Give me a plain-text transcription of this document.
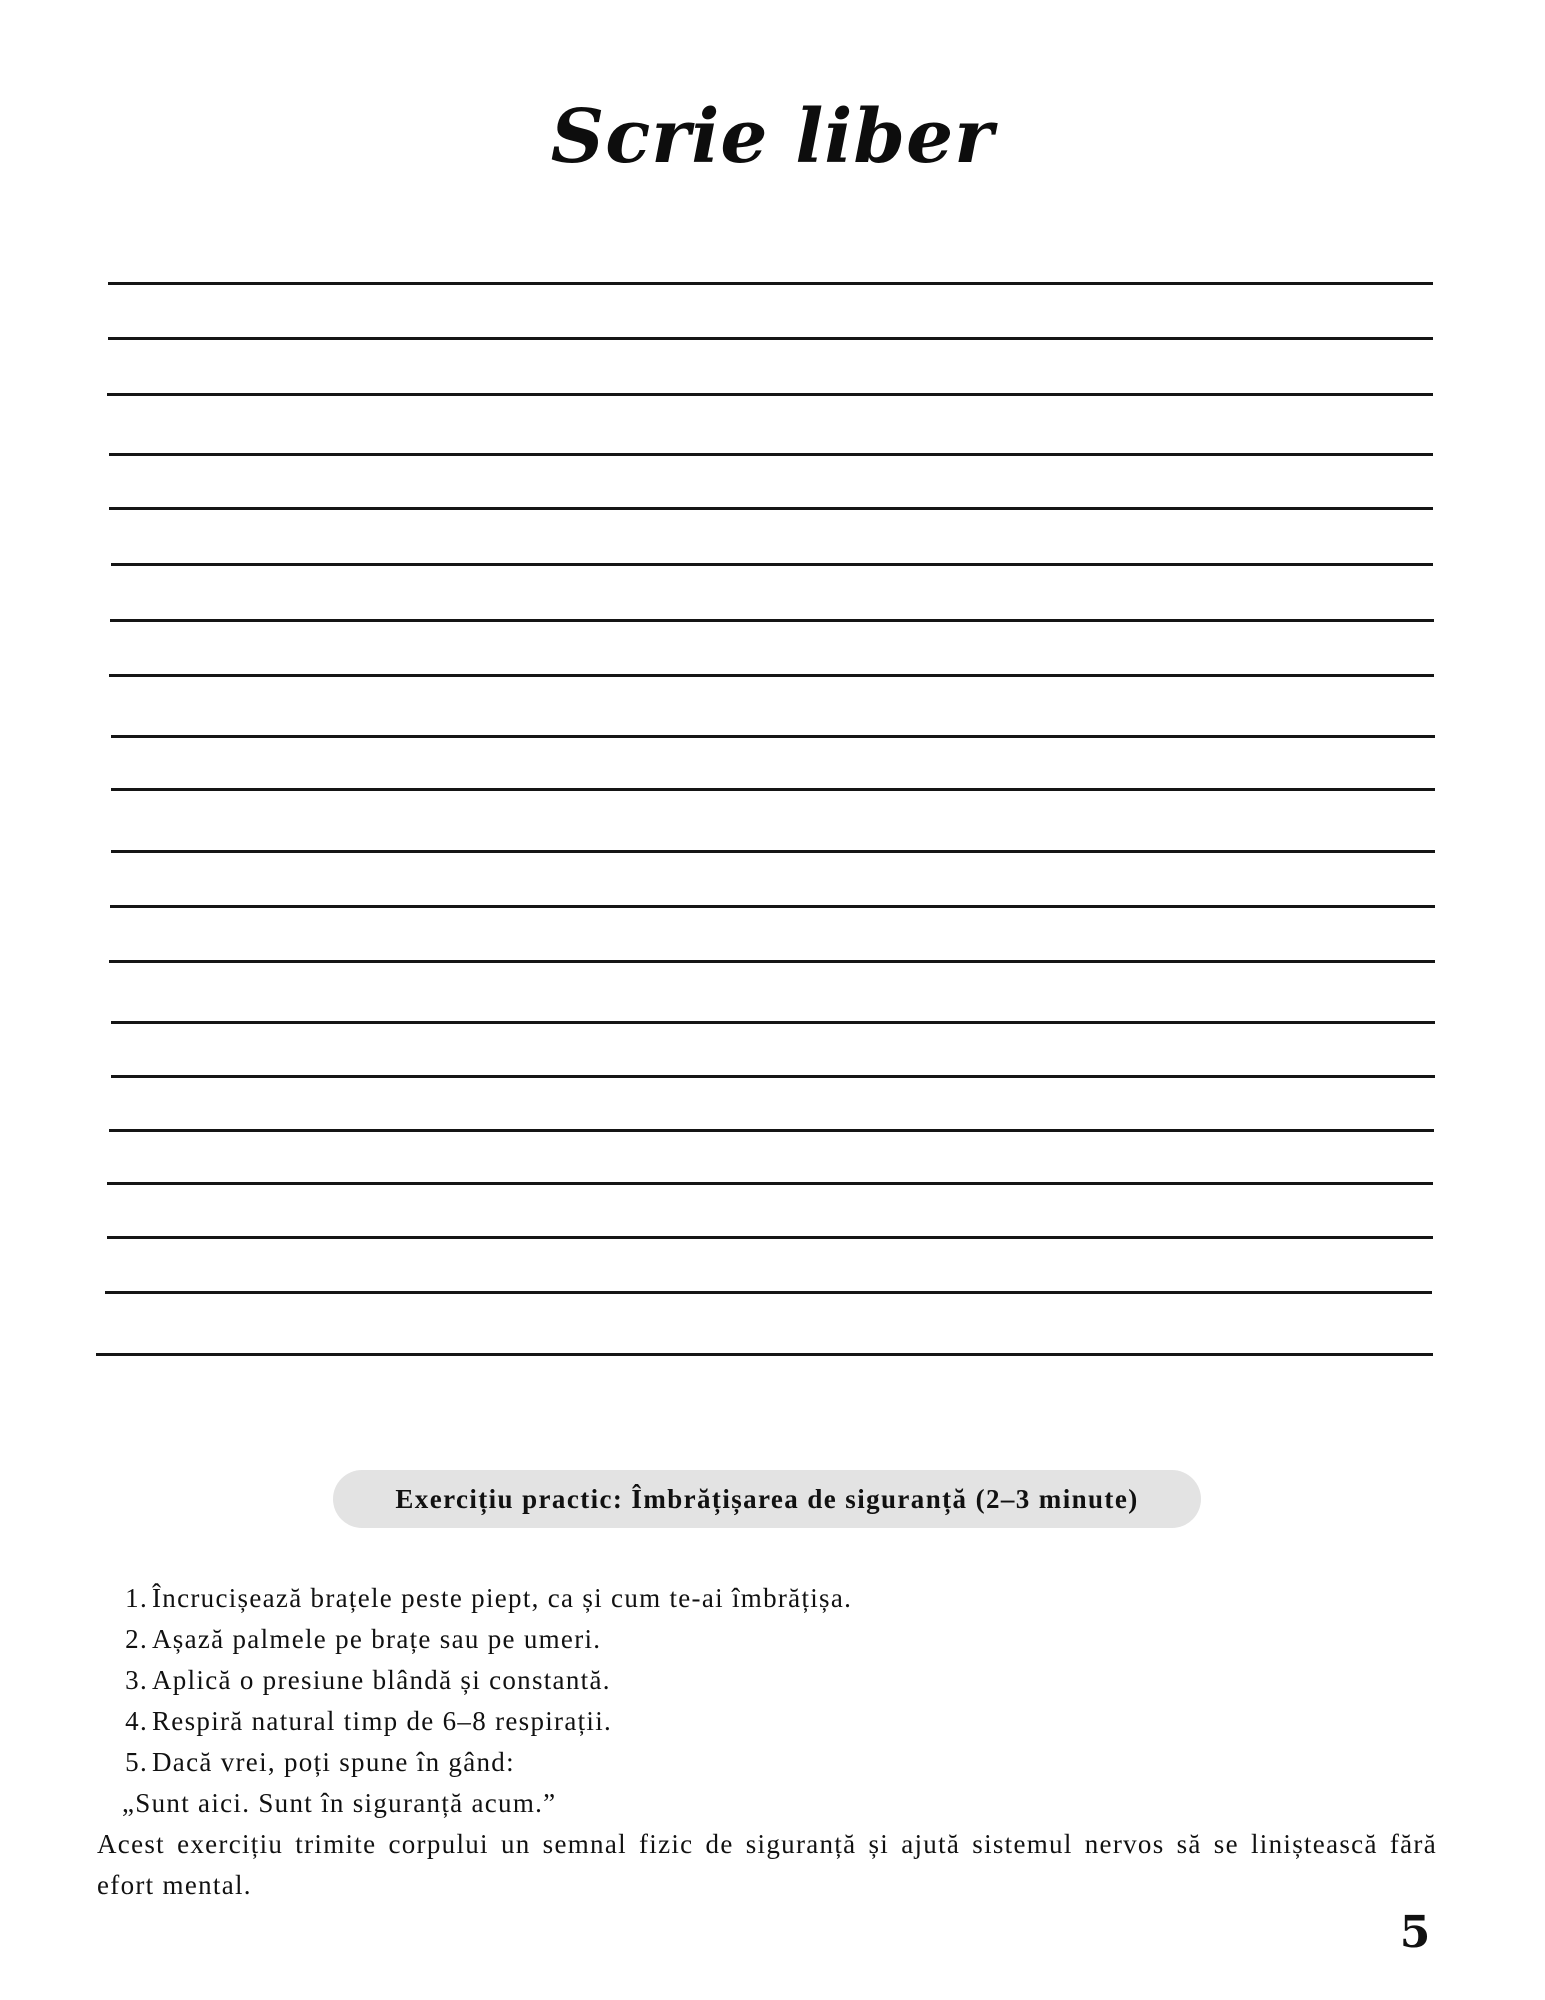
Scrie liber
Exercițiu practic: Îmbrățișarea de siguranță (2–3 minute)
1. Încrucișează brațele peste piept, ca și cum te-ai îmbrățișa.
2. Așază palmele pe brațe sau pe umeri.
3. Aplică o presiune blândă și constantă.
4. Respiră natural timp de 6–8 respirații.
5. Dacă vrei, poți spune în gând:
„Sunt aici. Sunt în siguranță acum.”
Acest exercițiu trimite corpului un semnal fizic de siguranță și ajută sistemul nervos să se liniștească fără efort mental.
5
